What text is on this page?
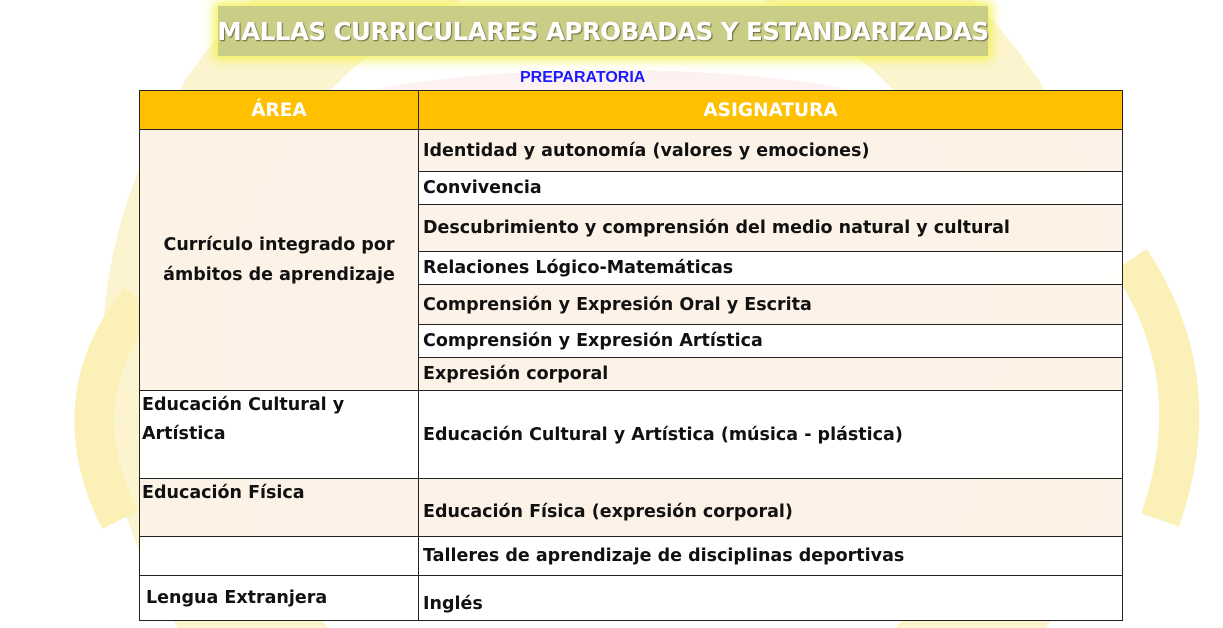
MALLAS CURRICULARES APROBADAS Y ESTANDARIZADAS
PREPARATORIA
ÁREA	ASIGNATURA
Currículo integrado por ámbitos de aprendizaje	Identidad y autonomía (valores y emociones)
	Convivencia
	Descubrimiento y comprensión del medio natural y cultural
	Relaciones Lógico-Matemáticas
	Comprensión y Expresión Oral y Escrita
	Comprensión y Expresión Artística
	Expresión corporal
Educación Cultural y Artística	Educación Cultural y Artística (música - plástica)
Educación Física	Educación Física (expresión corporal)
	Talleres de aprendizaje de disciplinas deportivas
Lengua Extranjera	Inglés
